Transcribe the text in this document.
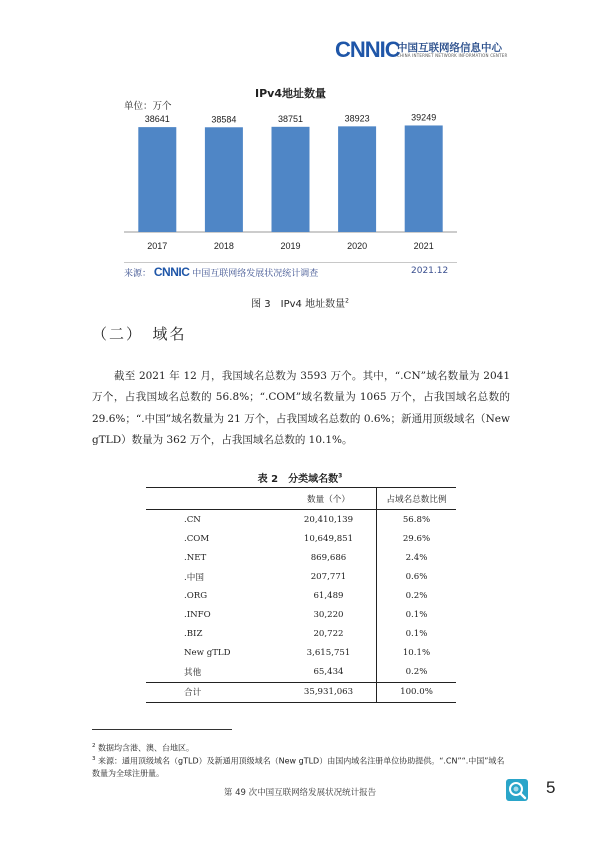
CNNIC
中国互联网络信息中心
CHINA INTERNET NETWORK INFORMATION CENTER
38641
2017
38584
2018
38751
2019
38923
2020
39249
2021
IPv4地址数量
单位：万个
来源： CNNIC 中国互联网络发展状况统计调查	2021.12
图 3　IPv4 地址数量$^2$
（二）　域名
截至 2021 年 12 月，我国域名总数为 3593 万个。其中，“.CN”域名数量为 2041 万个，占我国域名总数的 56.8%；“.COM”域名数量为 1065 万个，占我国域名总数的 29.6%；“.中国”域名数量为 21 万个，占我国域名总数的 0.6%；新通用顶级域名（New gTLD）数量为 362 万个，占我国域名总数的 10.1%。
表 2　分类域名数$^3$
	数量（个）	占域名总数比例
.CN	20,410,139	56.8%
.COM	10,649,851	29.6%
.NET	869,686	2.4%
.中国	207,771	0.6%
.ORG	61,489	0.2%
.INFO	30,220	0.1%
.BIZ	20,722	0.1%
New gTLD	3,615,751	10.1%
其他	65,434	0.2%
合计	35,931,063	100.0%
$^2$ 数据均含港、澳、台地区。
$^3$ 来源：通用顶级域名（gTLD）及新通用顶级域名（New gTLD）由国内域名注册单位协助提供。“.CN”“.中国”域名数量为全球注册量。
第 49 次中国互联网络发展状况统计报告	5
